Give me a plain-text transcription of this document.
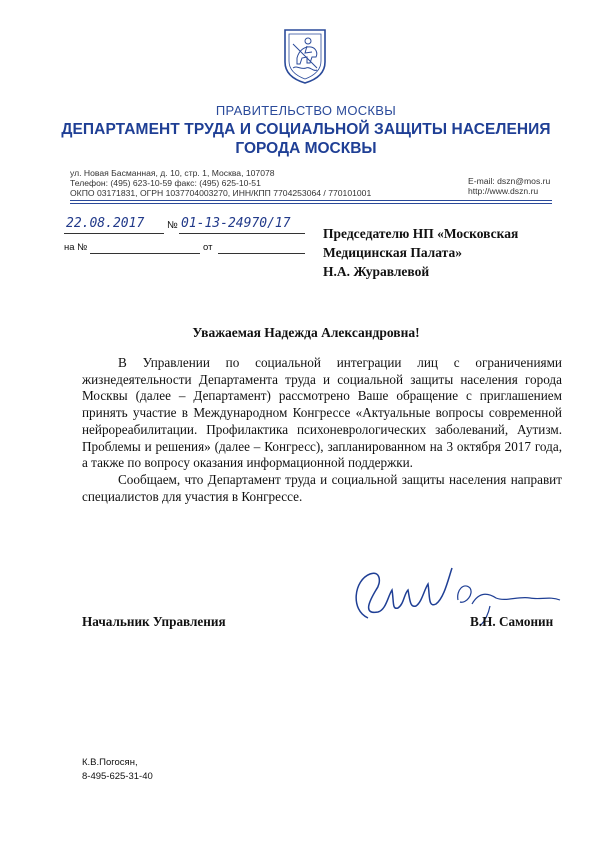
ПРАВИТЕЛЬСТВО МОСКВЫ
ДЕПАРТАМЕНТ ТРУДА И СОЦИАЛЬНОЙ ЗАЩИТЫ НАСЕЛЕНИЯ
ГОРОДА МОСКВЫ
ул. Новая Басманная, д. 10, стр. 1, Москва, 107078
Телефон: (495) 623-10-59 факс: (495) 625-10-51
ОКПО 03171831, ОГРН 1037704003270, ИНН/КПП 7704253064 / 770101001
E-mail: dszn@mos.ru
http://www.dszn.ru
22.08.2017 № 01-13-24970/17
на №	от
Председателю НП «Московская
Медицинская Палата»
Н.А. Журавлевой
Уважаемая Надежда Александровна!

В Управлении по социальной интеграции лиц с ограничениями жизнедеятельности Департамента труда и социальной защиты населения города Москвы (далее – Департамент) рассмотрено Ваше обращение с приглашением принять участие в Международном Конгрессе «Актуальные вопросы современной нейрореабилитации. Профилактика психоневрологических заболеваний, Аутизм. Проблемы и решения» (далее – Конгресс), запланированном на 3 октября 2017 года, а также по вопросу оказания информационной поддержки.

Сообщаем, что Департамент труда и социальной защиты населения направит специалистов для участия в Конгрессе.

Начальник Управления	В.Н. Самонин
К.В.Погосян,
8-495-625-31-40
